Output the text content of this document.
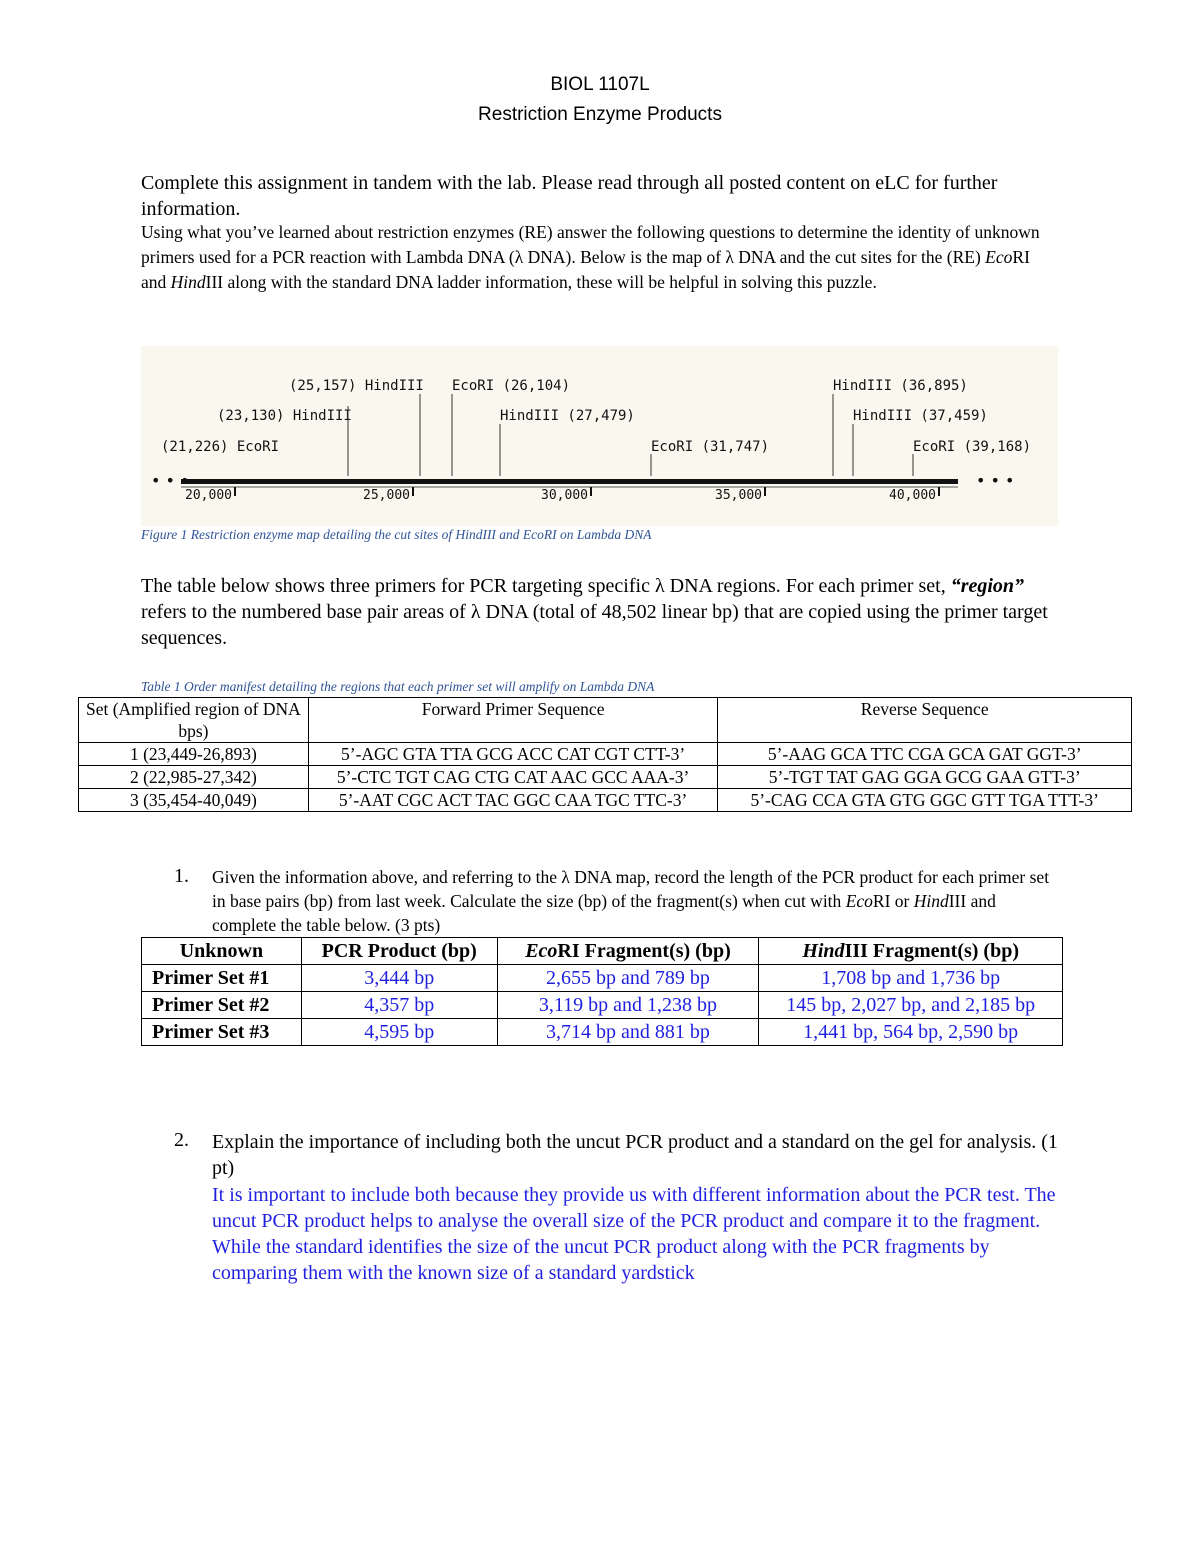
BIOL 1107L
Restriction Enzyme Products
Complete this assignment in tandem with the lab. Please read through all posted content on eLC for further information.
Using what you’ve learned about restriction enzymes (RE) answer the following questions to determine the identity of unknown primers used for a PCR reaction with Lambda DNA (λ DNA). Below is the map of λ DNA and the cut sites for the (RE) EcoRI and HindIII along with the standard DNA ladder information, these will be helpful in solving this puzzle.
(21,226) EcoRI
(23,130) HindIII
(25,157) HindIII EcoRI (26,104)
HindIII (27,479)
EcoRI (31,747)
HindIII (36,895)
HindIII (37,459)
EcoRI (39,168)
20,000	25,000	30,000	35,000	40,000
• • •	• • •
Figure 1 Restriction enzyme map detailing the cut sites of HindIII and EcoRI on Lambda DNA
The table below shows three primers for PCR targeting specific λ DNA regions. For each primer set, “region” refers to the numbered base pair areas of λ DNA (total of 48,502 linear bp) that are copied using the primer target sequences.
Table 1 Order manifest detailing the regions that each primer set will amplify on Lambda DNA
Set (Amplified region of DNA bps)	Forward Primer Sequence	Reverse Sequence
1 (23,449-26,893)	5’-AGC GTA TTA GCG ACC CAT CGT CTT-3’	5’-AAG GCA TTC CGA GCA GAT GGT-3’
2 (22,985-27,342)	5’-CTC TGT CAG CTG CAT AAC GCC AAA-3’	5’-TGT TAT GAG GGA GCG GAA GTT-3’
3 (35,454-40,049)	5’-AAT CGC ACT TAC GGC CAA TGC TTC-3’	5’-CAG CCA GTA GTG GGC GTT TGA TTT-3’
1. Given the information above, and referring to the λ DNA map, record the length of the PCR product for each primer set in base pairs (bp) from last week. Calculate the size (bp) of the fragment(s) when cut with EcoRI or HindIII and complete the table below. (3 pts)
Unknown	PCR Product (bp)	EcoRI Fragment(s) (bp)	HindIII Fragment(s) (bp)
Primer Set #1	3,444 bp	2,655 bp and 789 bp	1,708 bp and 1,736 bp
Primer Set #2	4,357 bp	3,119 bp and 1,238 bp	145 bp, 2,027 bp, and 2,185 bp
Primer Set #3	4,595 bp	3,714 bp and 881 bp	1,441 bp, 564 bp, 2,590 bp
2. Explain the importance of including both the uncut PCR product and a standard on the gel for analysis. (1 pt)
It is important to include both because they provide us with different information about the PCR test. The uncut PCR product helps to analyse the overall size of the PCR product and compare it to the fragment. While the standard identifies the size of the uncut PCR product along with the PCR fragments by comparing them with the known size of a standard yardstick
